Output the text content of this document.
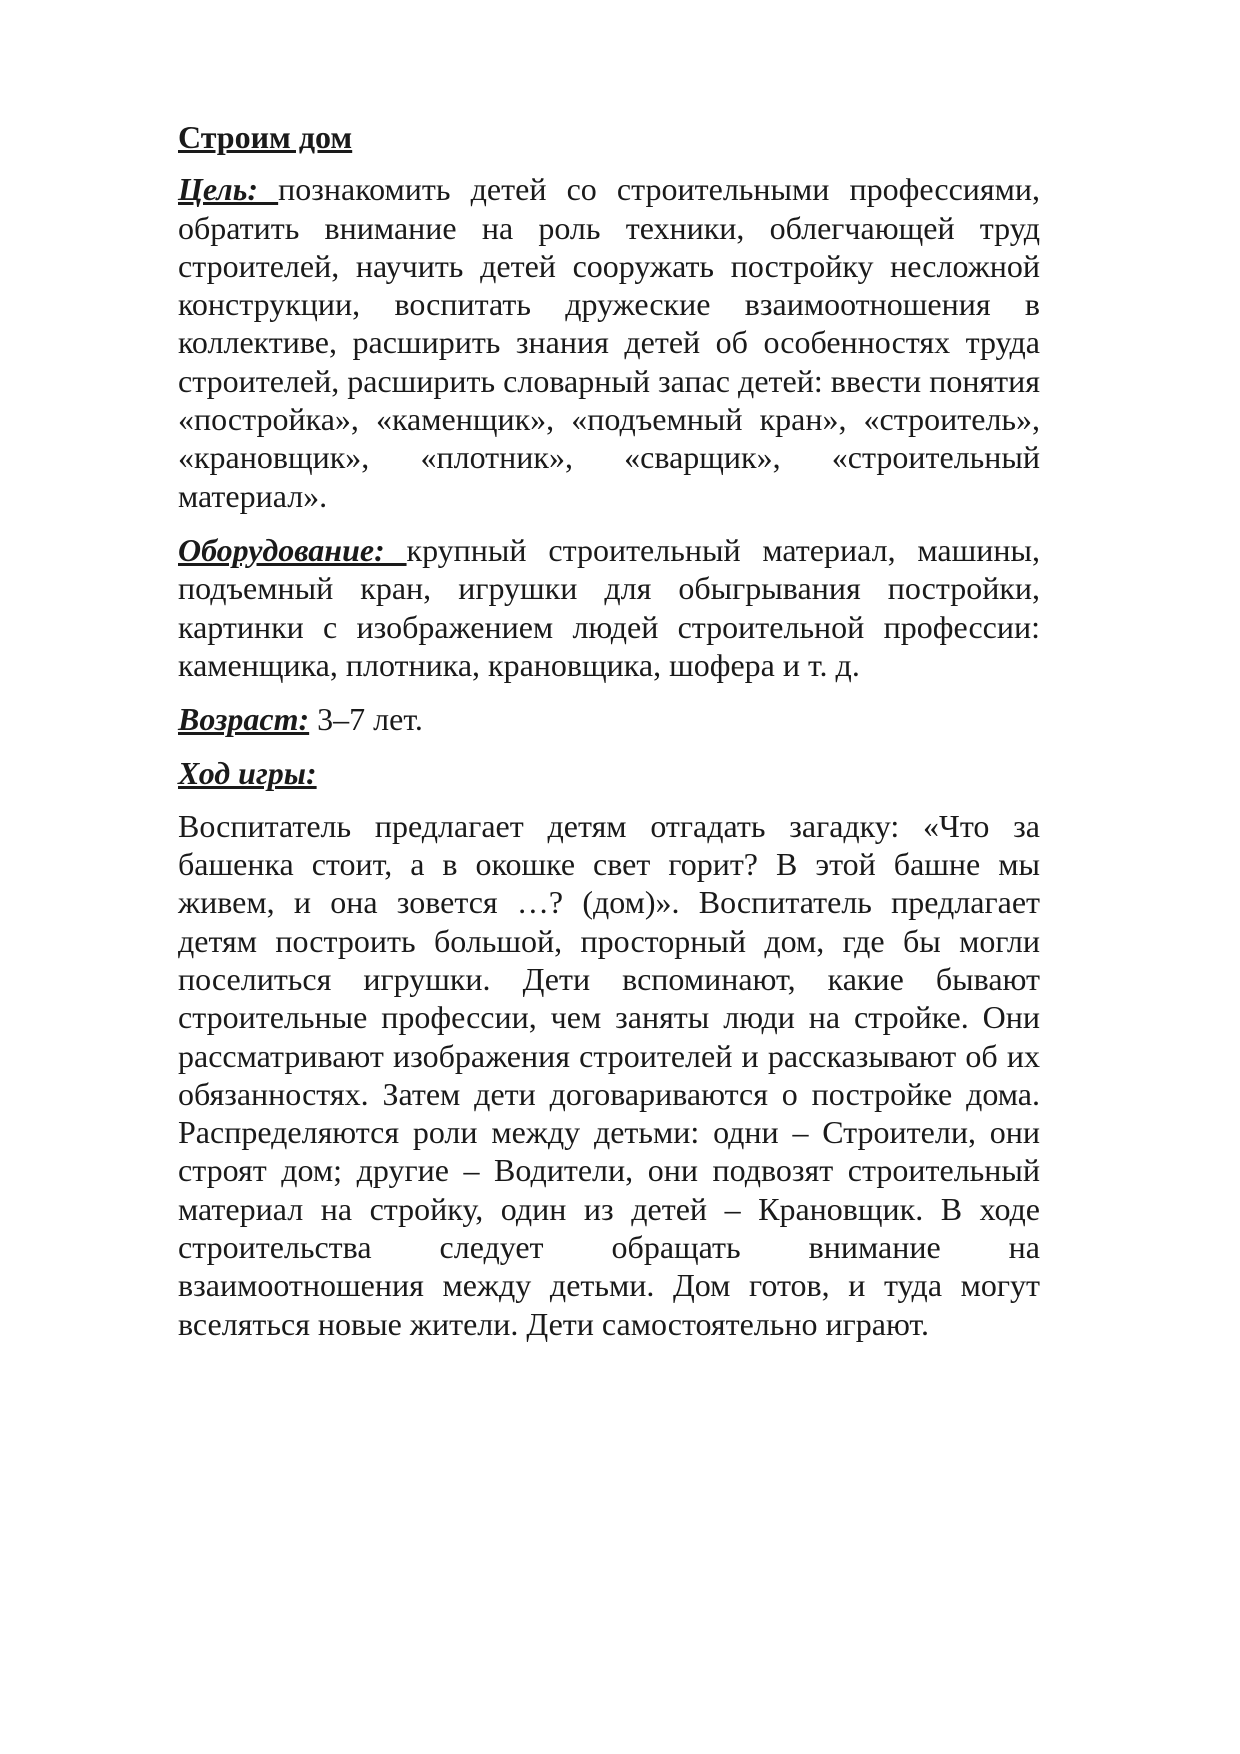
Строим дом

Цель: познакомить детей со строительными профессиями, обратить внимание на роль техники, облегчающей труд строителей, научить детей сооружать постройку несложной конструкции, воспитать дружеские взаимоотношения в коллективе, расширить знания детей об особенностях труда строителей, расширить словарный запас детей: ввести понятия «постройка», «каменщик», «подъемный кран», «строитель», «крановщик», «плотник», «сварщик», «строительный материал».

Оборудование: крупный строительный материал, машины, подъемный кран, игрушки для обыгрывания постройки, картинки с изображением людей строительной профессии: каменщика, плотника, крановщика, шофера и т. д.

Возраст: 3–7 лет.

Ход игры:

Воспитатель предлагает детям отгадать загадку: «Что за башенка стоит, а в окошке свет горит? В этой башне мы живем, и она зовется …? (дом)». Воспитатель предлагает детям построить большой, просторный дом, где бы могли поселиться игрушки. Дети вспоминают, какие бывают строительные профессии, чем заняты люди на стройке. Они рассматривают изображения строителей и рассказывают об их обязанностях. Затем дети договариваются о постройке дома. Распределяются роли между детьми: одни – Строители, они строят дом; другие – Водители, они подвозят строительный материал на стройку, один из детей – Крановщик. В ходе строительства следует обращать внимание на взаимоотношения между детьми. Дом готов, и туда могут вселяться новые жители. Дети самостоятельно играют.
